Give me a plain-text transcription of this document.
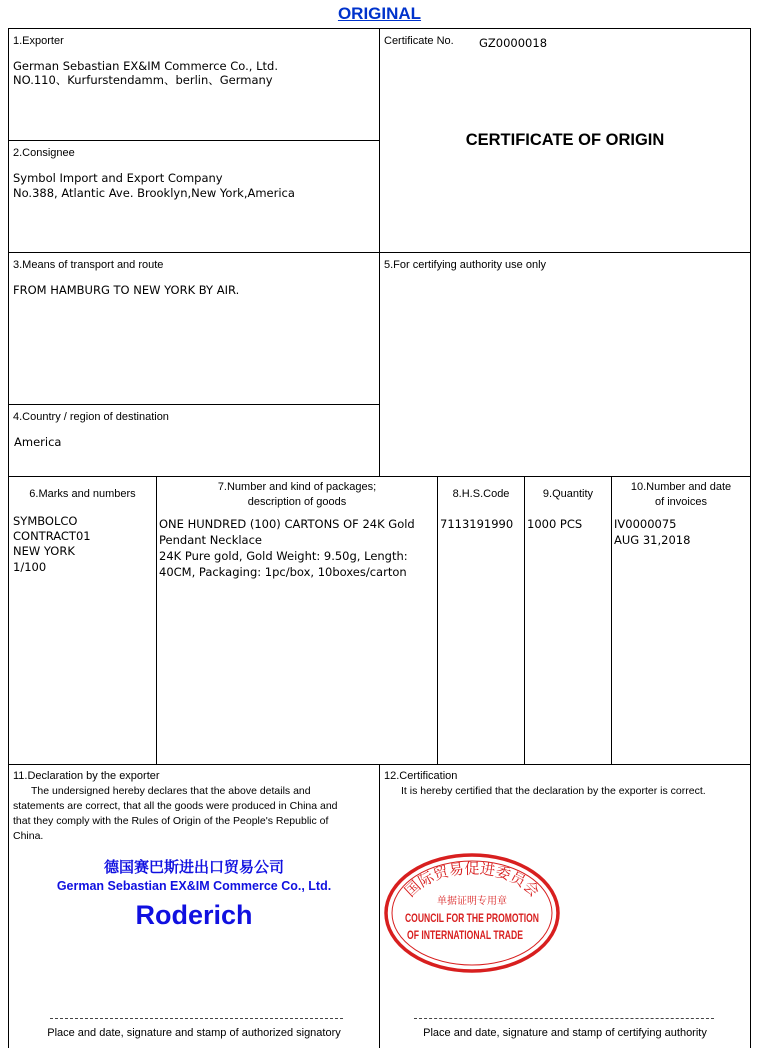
ORIGINAL
1.Exporter
German Sebastian EX&IM Commerce Co., Ltd.
NO.110、Kurfurstendamm、berlin、Germany
Certificate No. GZ0000018
CERTIFICATE OF ORIGIN
2.Consignee
Symbol Import and Export Company
No.388, Atlantic Ave. Brooklyn,New York,America
3.Means of transport and route
FROM HAMBURG TO NEW YORK BY AIR.
4.Country / region of destination
America
5.For certifying authority use only
6.Marks and numbers
7.Number and kind of packages;
description of goods
8.H.S.Code	9.Quantity
10.Number and date
of invoices
SYMBOLCO
CONTRACT01
NEW YORK
1/100
ONE HUNDRED (100) CARTONS OF 24K Gold
Pendant Necklace
24K Pure gold, Gold Weight: 9.50g, Length:
40CM, Packaging: 1pc/box, 10boxes/carton
7113191990 1000 PCS	IV0000075
AUG 31,2018
11.Declaration by the exporter
The undersigned hereby declares that the above details and
statements are correct, that all the goods were produced in China and
that they comply with the Rules of Origin of the People's Republic of
China.
德国赛巴斯进出口贸易公司
German Sebastian EX&IM Commerce Co., Ltd.
Roderich
Place and date, signature and stamp of authorized signatory
12.Certification
It is hereby certified that the declaration by the exporter is correct.
国际贸易促进委员会
单据证明专用章
COUNCIL FOR THE PROMOTION
OF INTERNATIONAL TRADE
Place and date, signature and stamp of certifying authority
